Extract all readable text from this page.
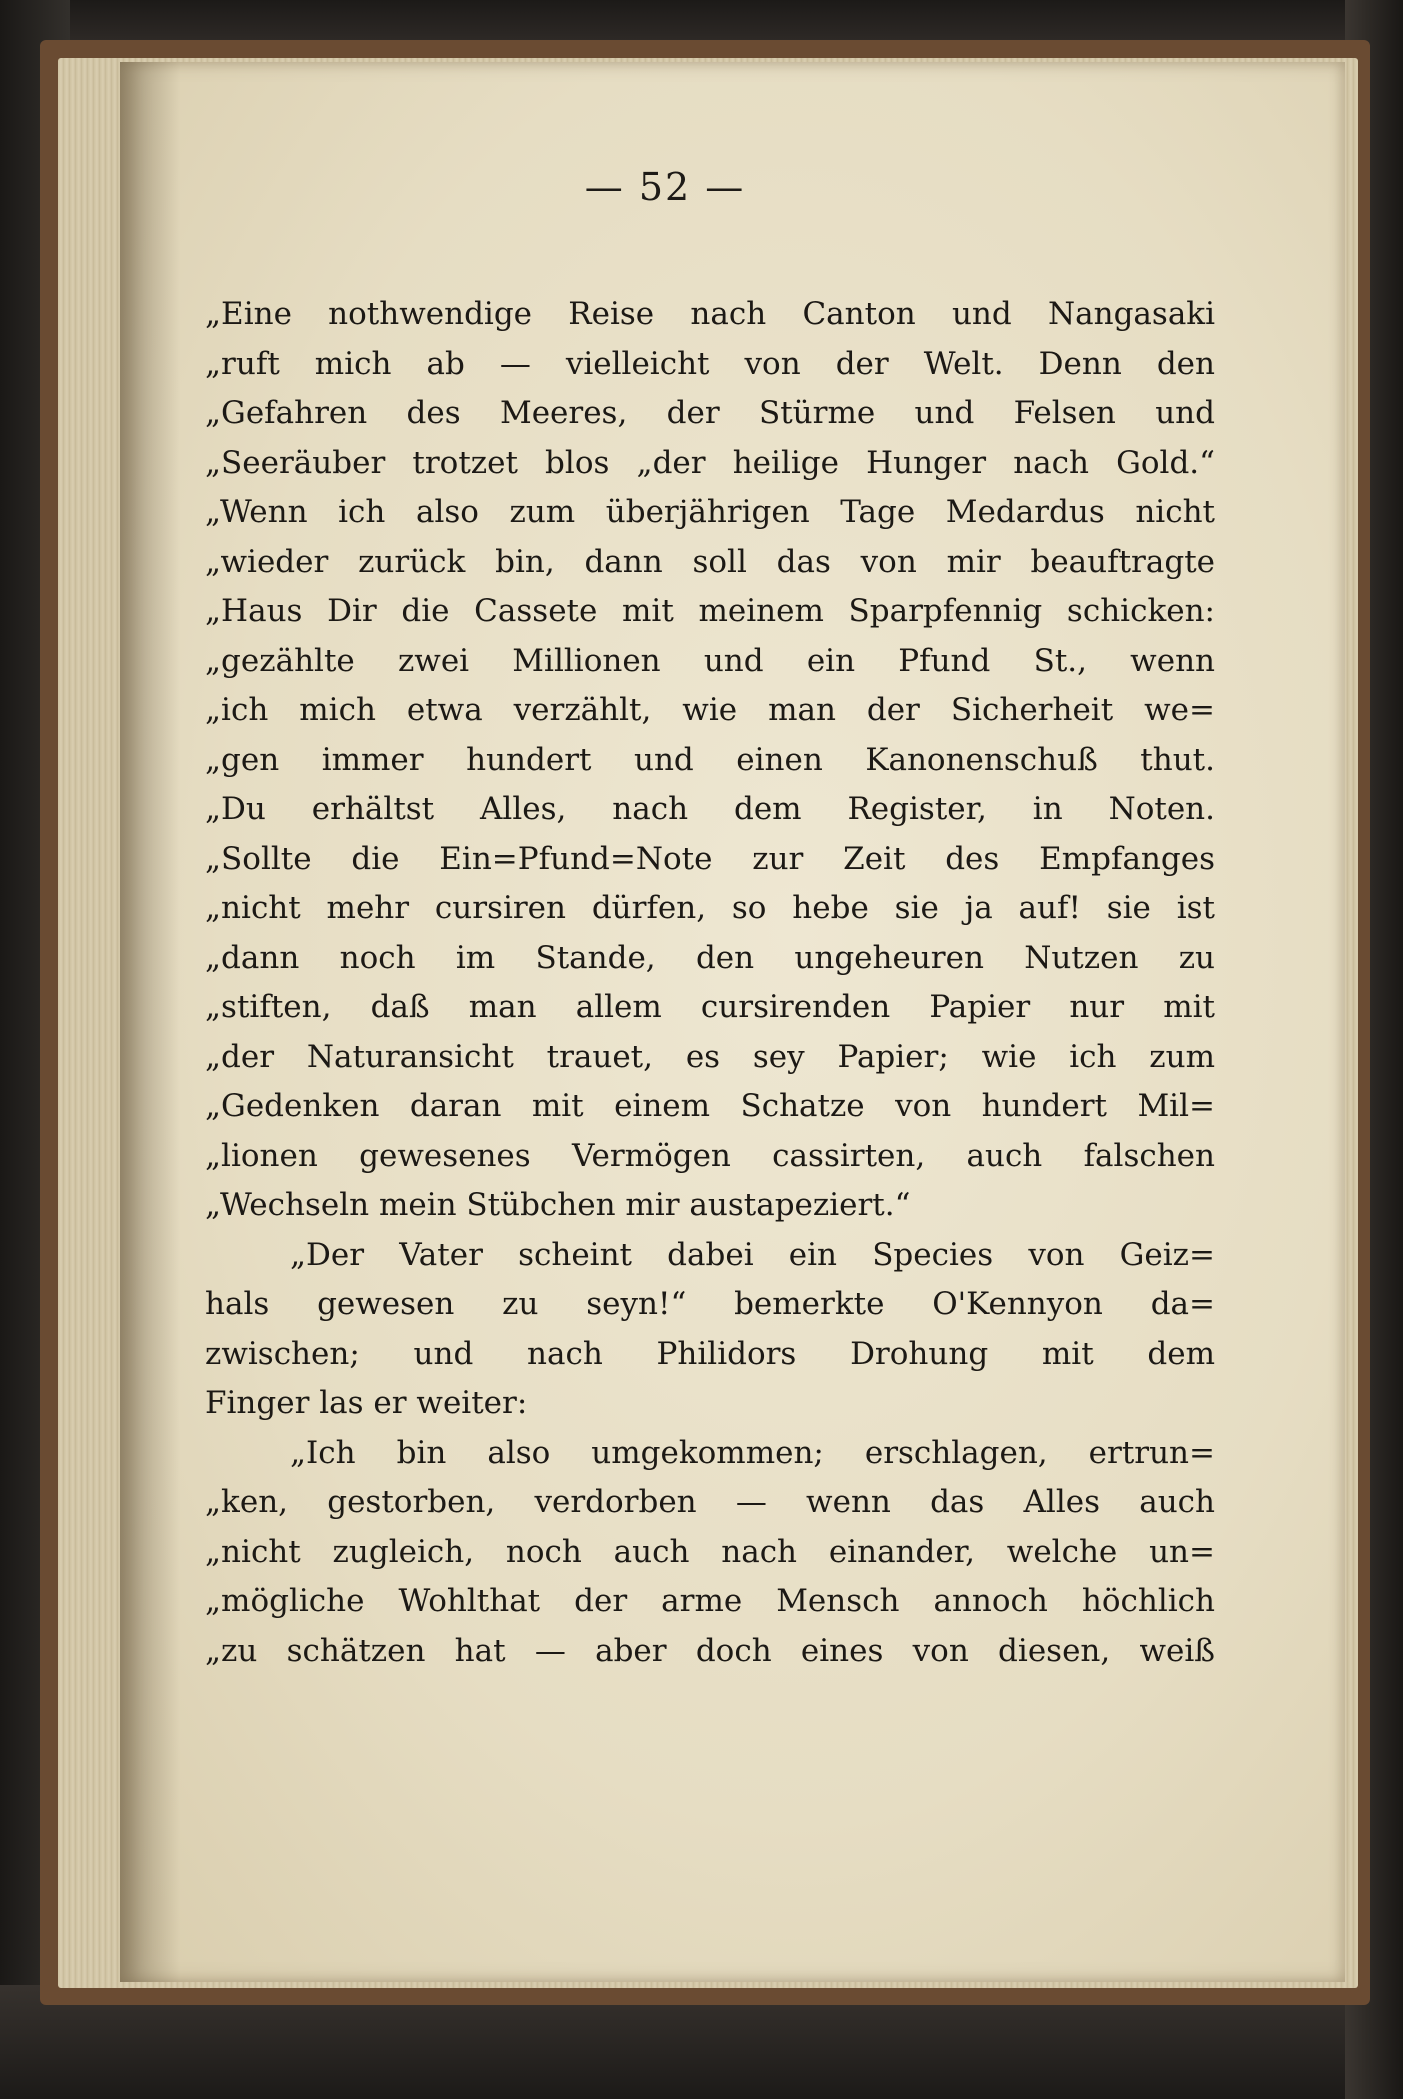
— 52 —
„Eine nothwendige Reise nach Canton und Nangasaki
„ruft mich ab — vielleicht von der Welt. Denn den
„Gefahren des Meeres, der Stürme und Felsen und
„Seeräuber trotzet blos „der heilige Hunger nach Gold.“
„Wenn ich also zum überjährigen Tage Medardus nicht
„wieder zurück bin, dann soll das von mir beauftragte
„Haus Dir die Cassete mit meinem Sparpfennig schicken:
„gezählte zwei Millionen und ein Pfund St., wenn
„ich mich etwa verzählt, wie man der Sicherheit we=
„gen immer hundert und einen Kanonenschuß thut.
„Du erhältst Alles, nach dem Register, in Noten.
„Sollte die Ein=Pfund=Note zur Zeit des Empfanges
„nicht mehr cursiren dürfen, so hebe sie ja auf! sie ist
„dann noch im Stande, den ungeheuren Nutzen zu
„stiften, daß man allem cursirenden Papier nur mit
„der Naturansicht trauet, es sey Papier; wie ich zum
„Gedenken daran mit einem Schatze von hundert Mil=
„lionen gewesenes Vermögen cassirten, auch falschen
„Wechseln mein Stübchen mir austapeziert.“
„Der Vater scheint dabei ein Species von Geiz=
hals gewesen zu seyn!“ bemerkte O'Kennyon da=
zwischen; und nach Philidors Drohung mit dem
Finger las er weiter:
„Ich bin also umgekommen; erschlagen, ertrun=
„ken, gestorben, verdorben — wenn das Alles auch
„nicht zugleich, noch auch nach einander, welche un=
„mögliche Wohlthat der arme Mensch annoch höchlich
„zu schätzen hat — aber doch eines von diesen, weiß
